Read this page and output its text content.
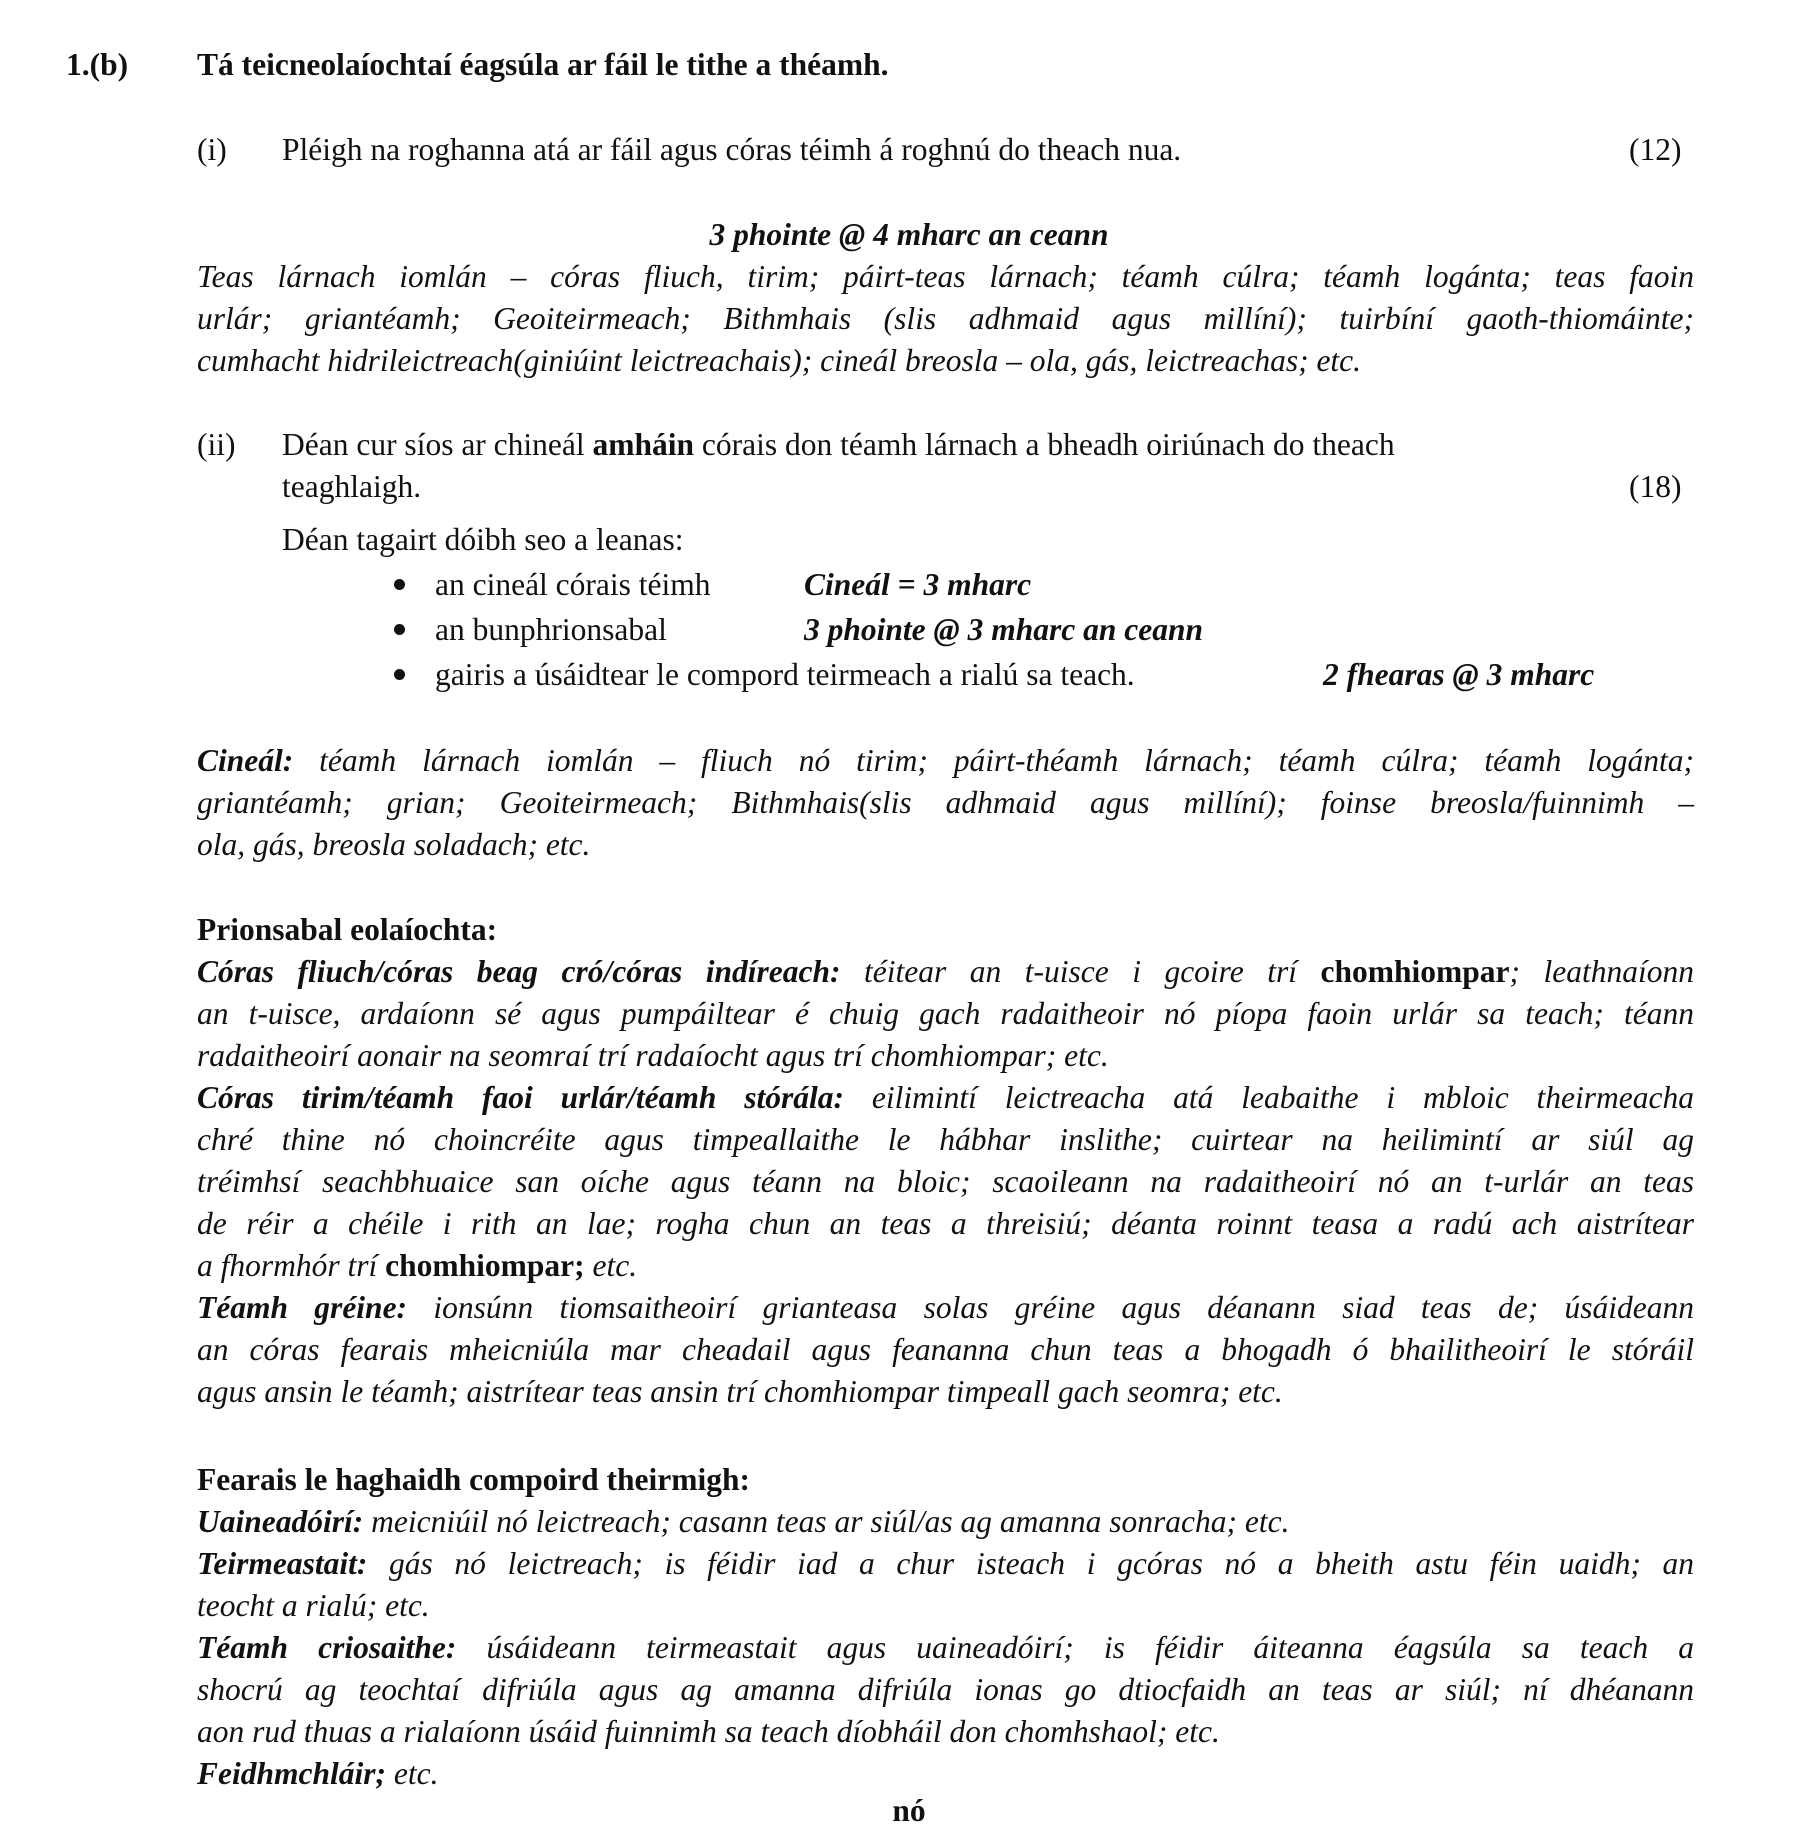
1.(b) Tá teicneolaíochtaí éagsúla ar fáil le tithe a théamh.
(i) Pléigh na roghanna atá ar fáil agus córas téimh á roghnú do theach nua.	(12)
3 phointe @ 4 mharc an ceann
Teas lárnach iomlán – córas fliuch, tirim; páirt-teas lárnach; téamh cúlra; téamh logánta; teas faoin
urlár; griantéamh; Geoiteirmeach; Bithmhais (slis adhmaid agus millíní); tuirbíní gaoth-thiomáinte;
cumhacht hidrileictreach(giniúint leictreachais); cineál breosla – ola, gás, leictreachas; etc.
(ii) Déan cur síos ar chineál amháin córais don téamh lárnach a bheadh oiriúnach do theach
teaghlaigh.	(18)
Déan tagairt dóibh seo a leanas:
an cineál córais téimh	Cineál = 3 mharc
an bunphrionsabal	3 phointe @ 3 mharc an ceann
gairis a úsáidtear le compord teirmeach a rialú sa teach.	2 fhearas @ 3 mharc
Cineál: téamh lárnach iomlán – fliuch nó tirim; páirt-théamh lárnach; téamh cúlra; téamh logánta;
griantéamh; grian; Geoiteirmeach; Bithmhais(slis adhmaid agus millíní); foinse breosla/fuinnimh –
ola, gás, breosla soladach; etc.
Prionsabal eolaíochta:
Córas fliuch/córas beag cró/córas indíreach: téitear an t-uisce i gcoire trí chomhiompar; leathnaíonn
an t-uisce, ardaíonn sé agus pumpáiltear é chuig gach radaitheoir nó píopa faoin urlár sa teach; téann
radaitheoirí aonair na seomraí trí radaíocht agus trí chomhiompar; etc.
Córas tirim/téamh faoi urlár/téamh stórála: eilimintí leictreacha atá leabaithe i mbloic theirmeacha
chré thine nó choincréite agus timpeallaithe le hábhar inslithe; cuirtear na heilimintí ar siúl ag
tréimhsí seachbhuaice san oíche agus téann na bloic; scaoileann na radaitheoirí nó an t-urlár an teas
de réir a chéile i rith an lae; rogha chun an teas a threisiú; déanta roinnt teasa a radú ach aistrítear
a fhormhór trí chomhiompar; etc.
Téamh gréine: ionsúnn tiomsaitheoirí grianteasa solas gréine agus déanann siad teas de; úsáideann
an córas fearais mheicniúla mar cheadail agus feananna chun teas a bhogadh ó bhailitheoirí le stóráil
agus ansin le téamh; aistrítear teas ansin trí chomhiompar timpeall gach seomra; etc.
Fearais le haghaidh compoird theirmigh:
Uaineadóirí: meicniúil nó leictreach; casann teas ar siúl/as ag amanna sonracha; etc.
Teirmeastait: gás nó leictreach; is féidir iad a chur isteach i gcóras nó a bheith astu féin uaidh; an
teocht a rialú; etc.
Téamh criosaithe: úsáideann teirmeastait agus uaineadóirí; is féidir áiteanna éagsúla sa teach a
shocrú ag teochtaí difriúla agus ag amanna difriúla ionas go dtiocfaidh an teas ar siúl; ní dhéanann
aon rud thuas a rialaíonn úsáid fuinnimh sa teach díobháil don chomhshaol; etc.
Feidhmchláir; etc.
nó
